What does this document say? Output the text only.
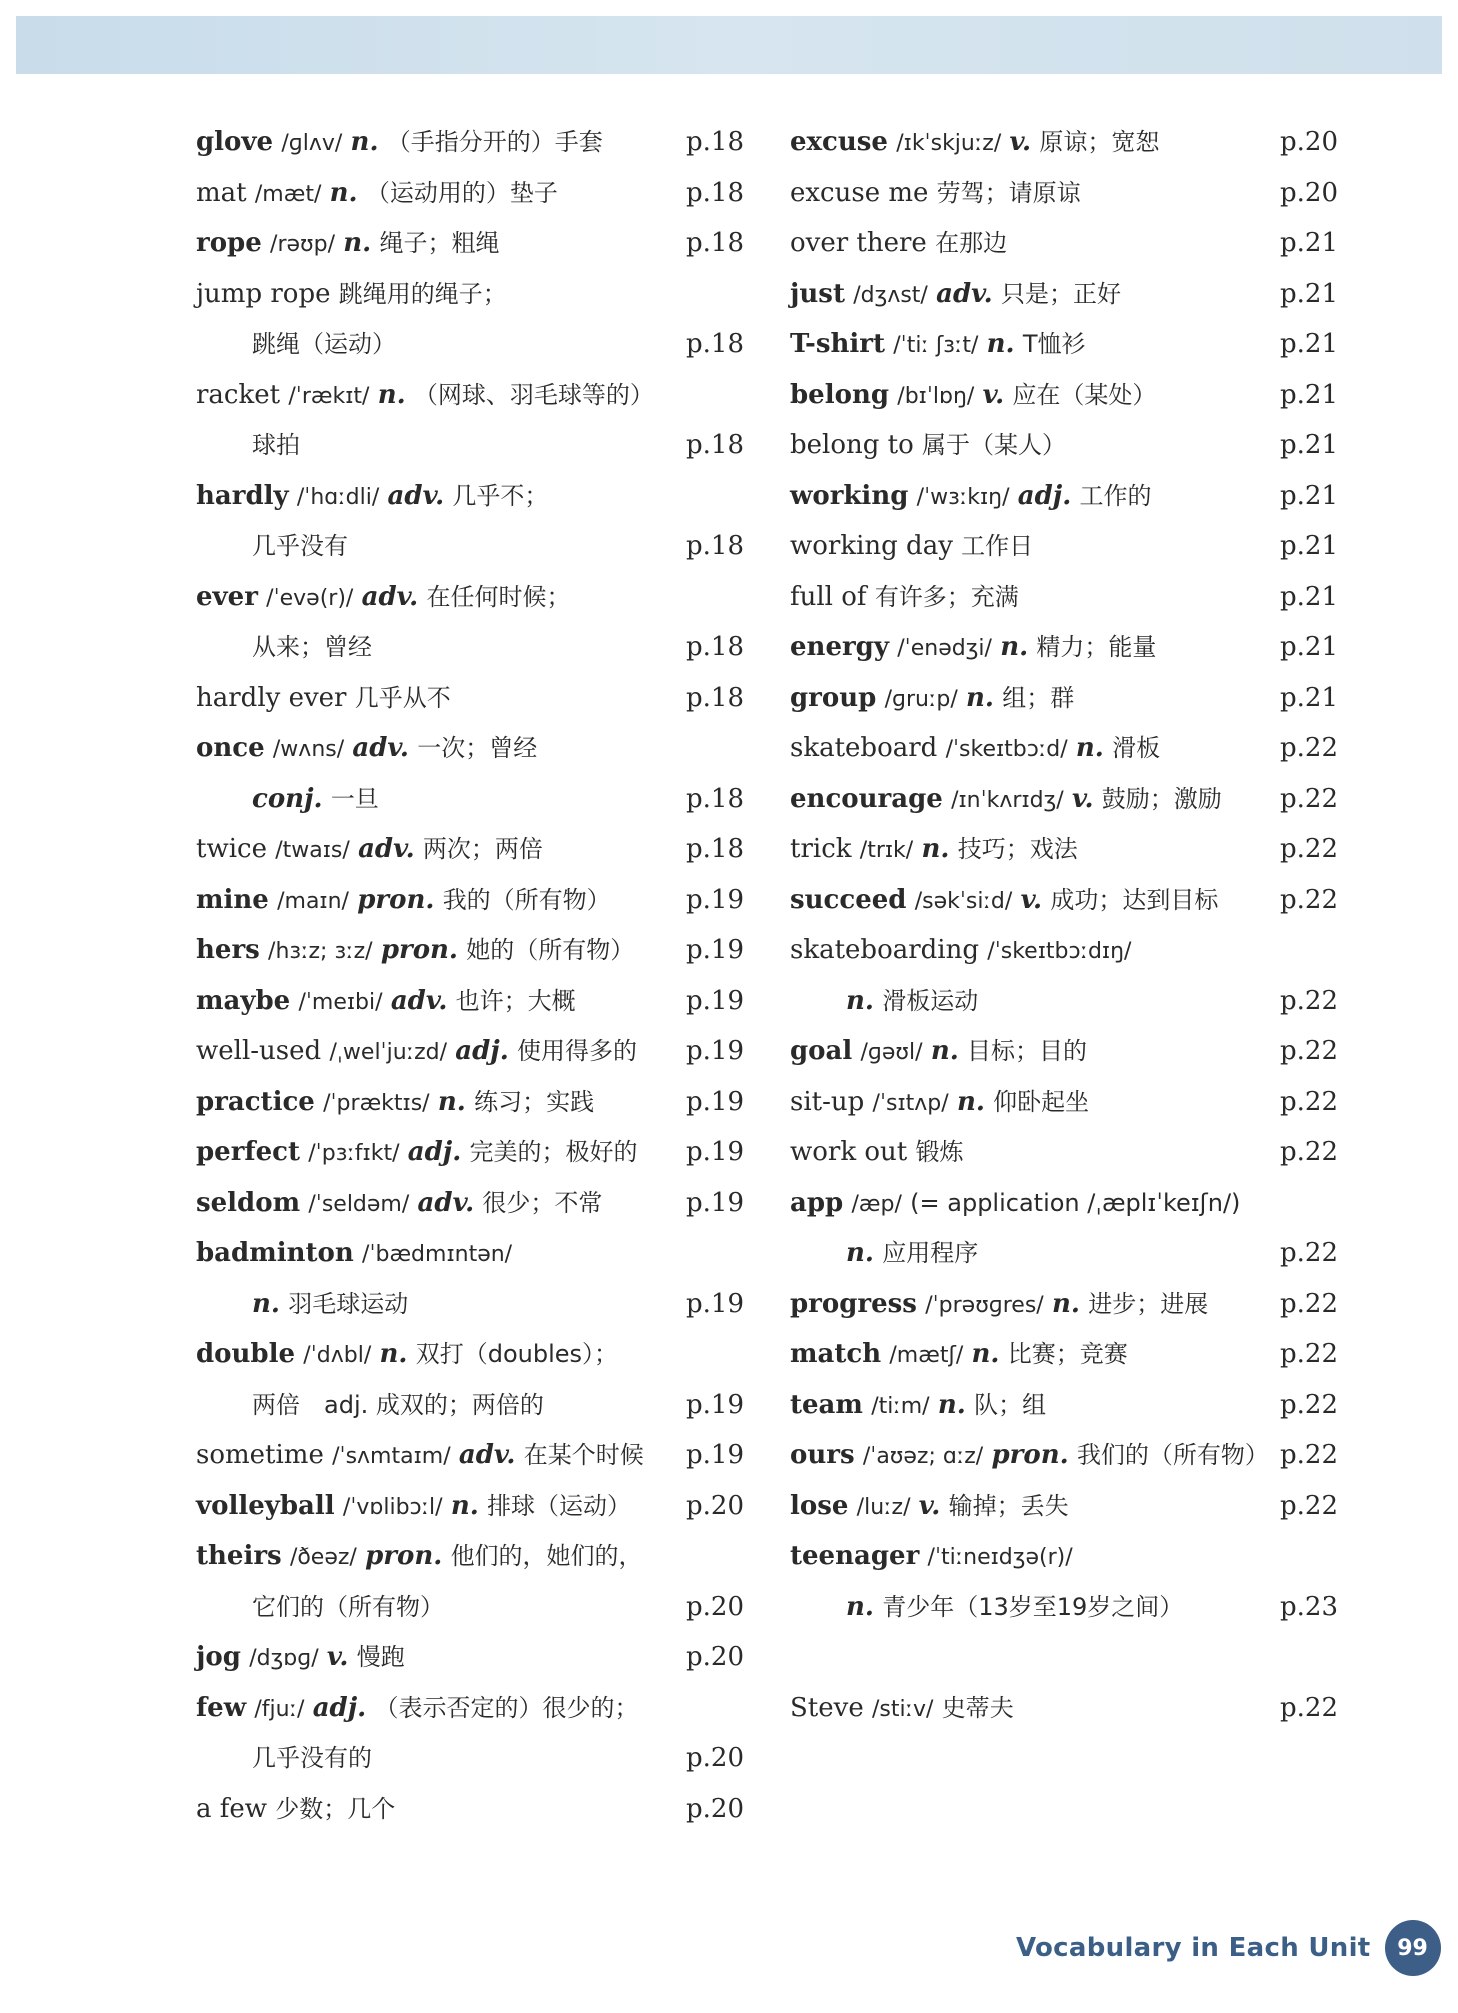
glove /ɡlʌv/ n. （手指分开的）手套	p.18
mat /mæt/ n. （运动用的）垫子	p.18
rope /rəʊp/ n. 绳子；粗绳	p.18
jump rope 跳绳用的绳子；
跳绳（运动）	p.18
racket /ˈrækɪt/ n. （网球、羽毛球等的）
球拍	p.18
hardly /ˈhɑːdli/ adv. 几乎不；
几乎没有	p.18
ever /ˈevə(r)/ adv. 在任何时候；
从来；曾经	p.18
hardly ever 几乎从不	p.18
once /wʌns/ adv. 一次；曾经
conj. 一旦	p.18
twice /twaɪs/ adv. 两次；两倍	p.18
mine /maɪn/ pron. 我的（所有物）	p.19
hers /hɜːz; ɜːz/ pron. 她的（所有物） p.19
maybe /ˈmeɪbi/ adv. 也许；大概	p.19
well-used /ˌwelˈjuːzd/ adj. 使用得多的 p.19
practice /ˈpræktɪs/ n. 练习；实践	p.19
perfect /ˈpɜːfɪkt/ adj. 完美的；极好的 p.19
seldom /ˈseldəm/ adv. 很少；不常	p.19
badminton /ˈbædmɪntən/
n. 羽毛球运动	p.19
double /ˈdʌbl/ n. 双打（doubles）；
两倍　adj. 成双的；两倍的	p.19
sometime /ˈsʌmtaɪm/ adv. 在某个时候 p.19
volleyball /ˈvɒlibɔːl/ n. 排球（运动） p.20
theirs /ðeəz/ pron. 他们的，她们的，
它们的（所有物）	p.20
jog /dʒɒɡ/ v. 慢跑	p.20
few /fjuː/ adj. （表示否定的）很少的；
几乎没有的	p.20
a few 少数；几个	p.20
excuse /ɪkˈskjuːz/ v. 原谅；宽恕	p.20
excuse me 劳驾；请原谅	p.20
over there 在那边	p.21
just /dʒʌst/ adv. 只是；正好	p.21
T-shirt /ˈtiː ʃɜːt/ n. T恤衫	p.21
belong /bɪˈlɒŋ/ v. 应在（某处）	p.21
belong to 属于（某人）	p.21
working /ˈwɜːkɪŋ/ adj. 工作的	p.21
working day 工作日	p.21
full of 有许多；充满	p.21
energy /ˈenədʒi/ n. 精力；能量	p.21
group /ɡruːp/ n. 组；群	p.21
skateboard /ˈskeɪtbɔːd/ n. 滑板	p.22
encourage /ɪnˈkʌrɪdʒ/ v. 鼓励；激励 p.22
trick /trɪk/ n. 技巧；戏法	p.22
succeed /səkˈsiːd/ v. 成功；达到目标 p.22
skateboarding /ˈskeɪtbɔːdɪŋ/
n. 滑板运动	p.22
goal /ɡəʊl/ n. 目标；目的	p.22
sit-up /ˈsɪtʌp/ n. 仰卧起坐	p.22
work out 锻炼	p.22
app /æp/ (= application /ˌæplɪˈkeɪʃn/)
n. 应用程序	p.22
progress /ˈprəʊɡres/ n. 进步；进展	p.22
match /mætʃ/ n. 比赛；竞赛	p.22
team /tiːm/ n. 队；组	p.22
ours /ˈaʊəz; ɑːz/ pron. 我们的（所有物） p.22
lose /luːz/ v. 输掉；丢失	p.22
teenager /ˈtiːneɪdʒə(r)/
n. 青少年（13岁至19岁之间）	p.23
Steve /stiːv/ 史蒂夫	p.22
Vocabulary in Each Unit	99
